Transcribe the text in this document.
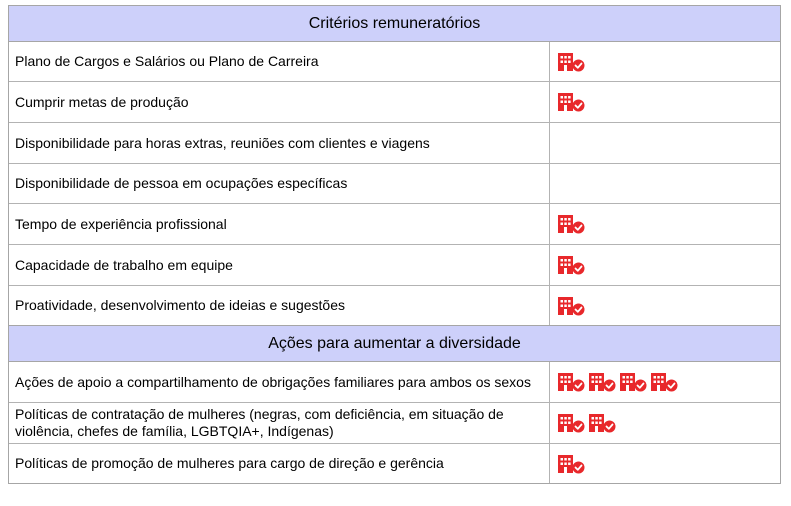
Critérios remuneratórios
Plano de Cargos e Salários ou Plano de Carreira
Cumprir metas de produção
Disponibilidade para horas extras, reuniões com clientes e viagens
Disponibilidade de pessoa em ocupações específicas
Tempo de experiência profissional
Capacidade de trabalho em equipe
Proatividade, desenvolvimento de ideias e sugestões
Ações para aumentar a diversidade
Ações de apoio a compartilhamento de obrigações familiares para ambos os sexos
Políticas de contratação de mulheres (negras, com deficiência, em situação de violência, chefes de família, LGBTQIA+, Indígenas)
Políticas de promoção de mulheres para cargo de direção e gerência
